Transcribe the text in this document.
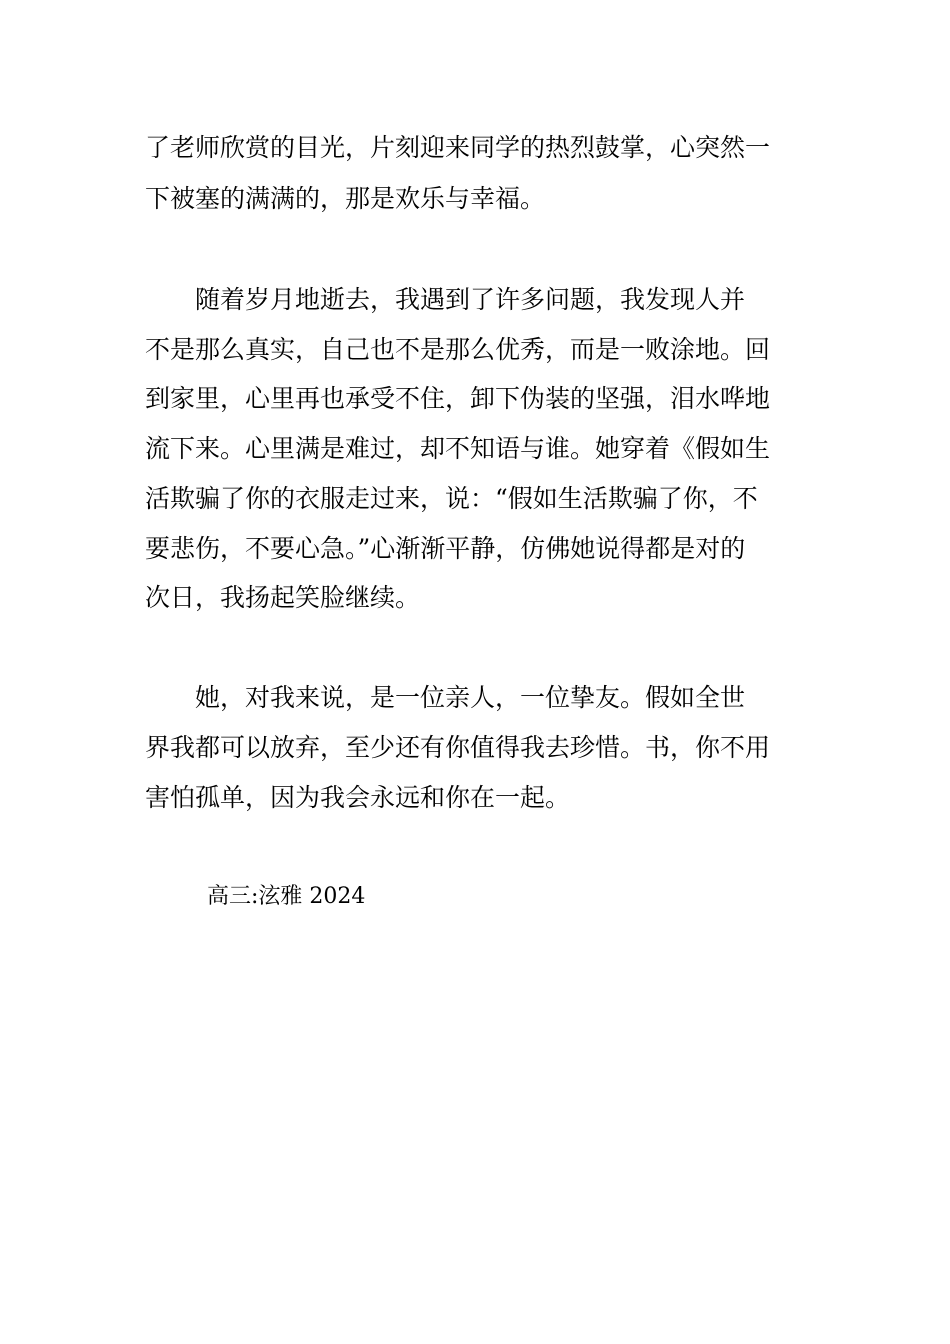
了老师欣赏的目光，片刻迎来同学的热烈鼓掌，心突然一
下被塞的满满的，那是欢乐与幸福。
　　随着岁月地逝去，我遇到了许多问题，我发现人并
不是那么真实，自己也不是那么优秀，而是一败涂地。回
到家里，心里再也承受不住，卸下伪装的坚强，泪水哗地
流下来。心里满是难过，却不知语与谁。她穿着《假如生
活欺骗了你的衣服走过来，说：“假如生活欺骗了你，不
要悲伤，不要心急。”心渐渐平静，仿佛她说得都是对的
次日，我扬起笑脸继续。
　　她，对我来说，是一位亲人，一位挚友。假如全世
界我都可以放弃，至少还有你值得我去珍惜。书，你不用
害怕孤单，因为我会永远和你在一起。
高三:泫雅 2024
